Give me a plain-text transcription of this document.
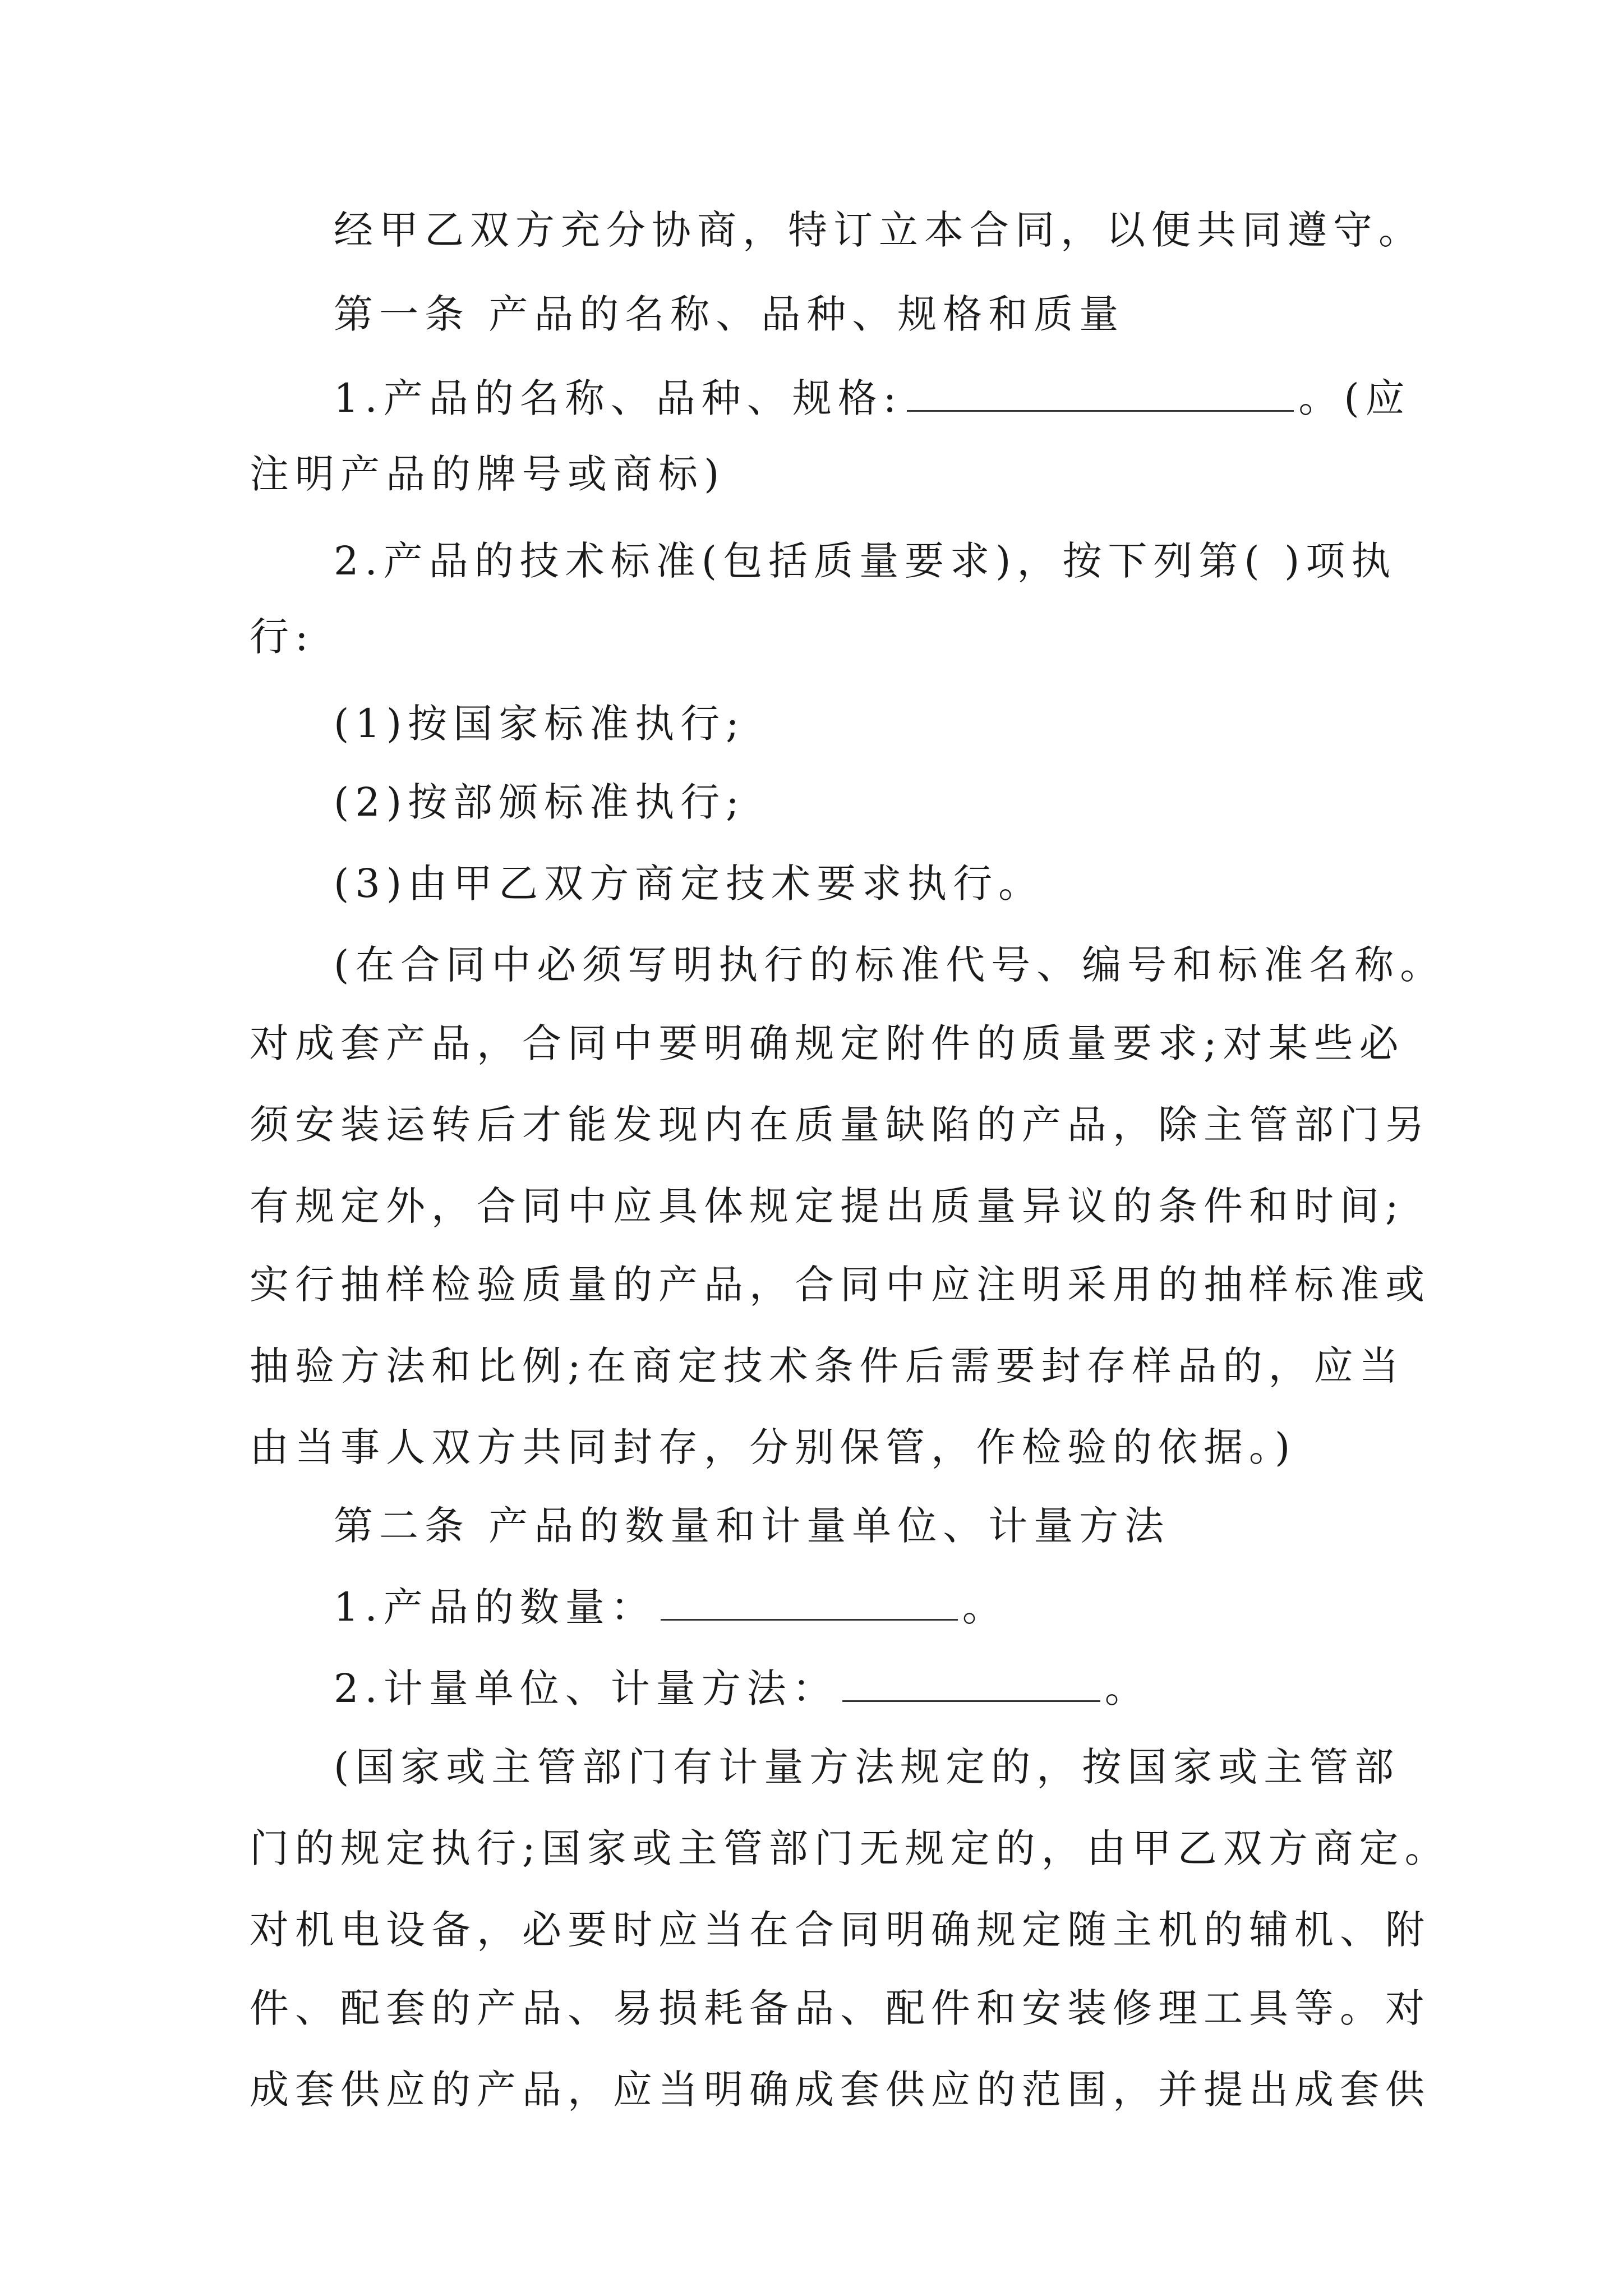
经甲乙双方充分协商，特订立本合同，以便共同遵守。
第一条 产品的名称、品种、规格和质量
1.产品的名称、品种、规格:	。(应
注明产品的牌号或商标)
2.产品的技术标准(包括质量要求)，按下列第( )项执
行:
(1)按国家标准执行;
(2)按部颁标准执行;
(3)由甲乙双方商定技术要求执行。
(在合同中必须写明执行的标准代号、编号和标准名称。
对成套产品，合同中要明确规定附件的质量要求;对某些必
须安装运转后才能发现内在质量缺陷的产品，除主管部门另
有规定外，合同中应具体规定提出质量异议的条件和时间;
实行抽样检验质量的产品，合同中应注明采用的抽样标准或
抽验方法和比例;在商定技术条件后需要封存样品的，应当
由当事人双方共同封存，分别保管，作检验的依据。)
第二条 产品的数量和计量单位、计量方法
1.产品的数量：	。
2.计量单位、计量方法：	。
(国家或主管部门有计量方法规定的，按国家或主管部
门的规定执行;国家或主管部门无规定的，由甲乙双方商定。
对机电设备，必要时应当在合同明确规定随主机的辅机、附
件、配套的产品、易损耗备品、配件和安装修理工具等。对
成套供应的产品，应当明确成套供应的范围，并提出成套供
